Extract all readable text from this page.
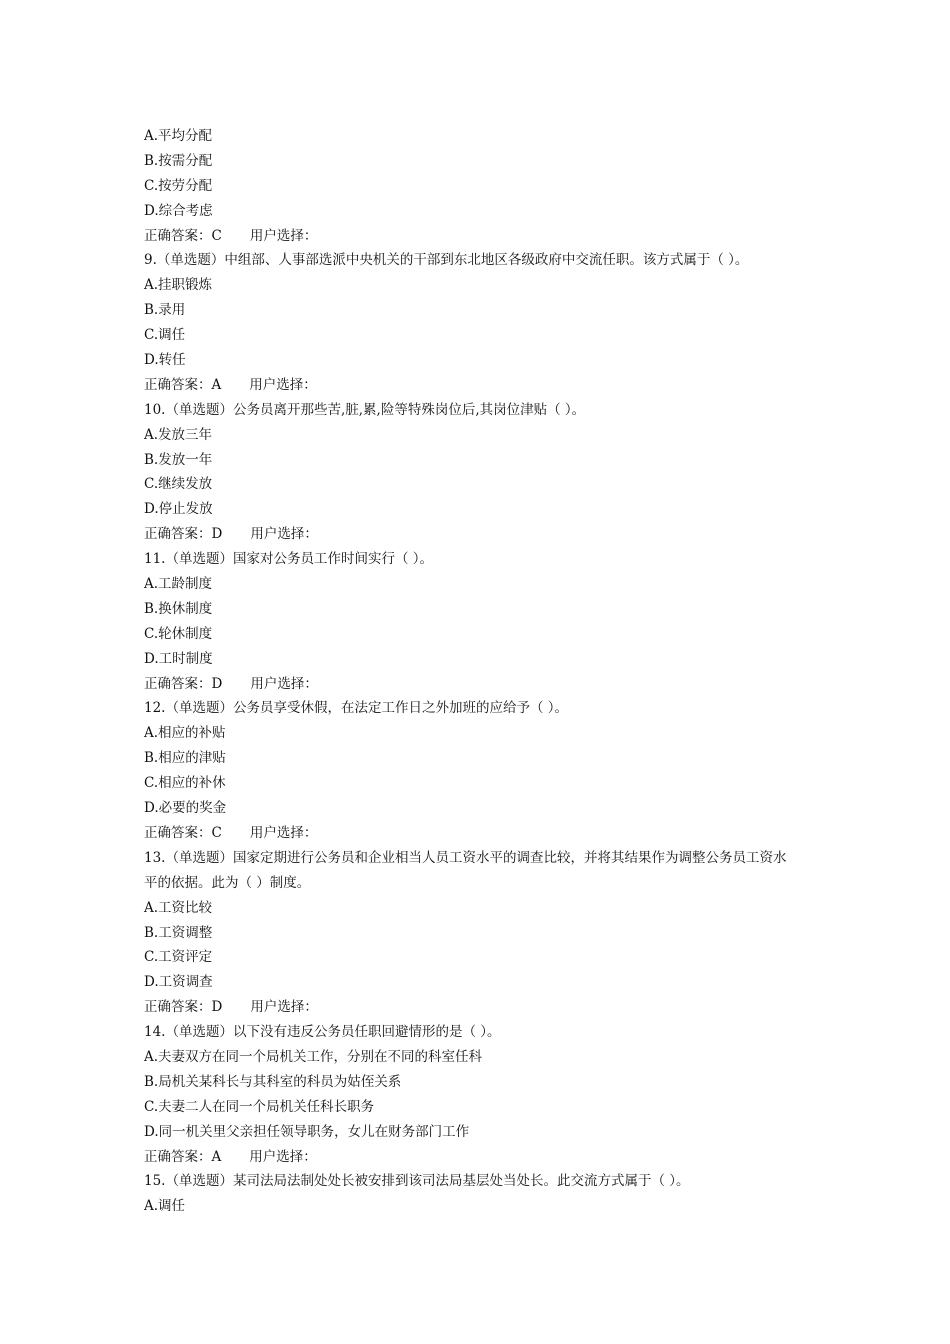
A.平均分配
B.按需分配
C.按劳分配
D.综合考虑
正确答案：C 用户选择：
9.（单选题）中组部、人事部选派中央机关的干部到东北地区各级政府中交流任职。该方式属于（ ）。
A.挂职锻炼
B.录用
C.调任
D.转任
正确答案：A 用户选择：
10.（单选题）公务员离开那些苦,脏,累,险等特殊岗位后,其岗位津贴（ ）。
A.发放三年
B.发放一年
C.继续发放
D.停止发放
正确答案：D 用户选择：
11.（单选题）国家对公务员工作时间实行（ ）。
A.工龄制度
B.换休制度
C.轮休制度
D.工时制度
正确答案：D 用户选择：
12.（单选题）公务员享受休假，在法定工作日之外加班的应给予（ ）。
A.相应的补贴
B.相应的津贴
C.相应的补休
D.必要的奖金
正确答案：C 用户选择：
13.（单选题）国家定期进行公务员和企业相当人员工资水平的调查比较，并将其结果作为调整公务员工资水
平的依据。此为（ ）制度。
A.工资比较
B.工资调整
C.工资评定
D.工资调查
正确答案：D 用户选择：
14.（单选题）以下没有违反公务员任职回避情形的是（ ）。
A.夫妻双方在同一个局机关工作，分别在不同的科室任科
B.局机关某科长与其科室的科员为姑侄关系
C.夫妻二人在同一个局机关任科长职务
D.同一机关里父亲担任领导职务，女儿在财务部门工作
正确答案：A 用户选择：
15.（单选题）某司法局法制处处长被安排到该司法局基层处当处长。此交流方式属于（ ）。
A.调任
